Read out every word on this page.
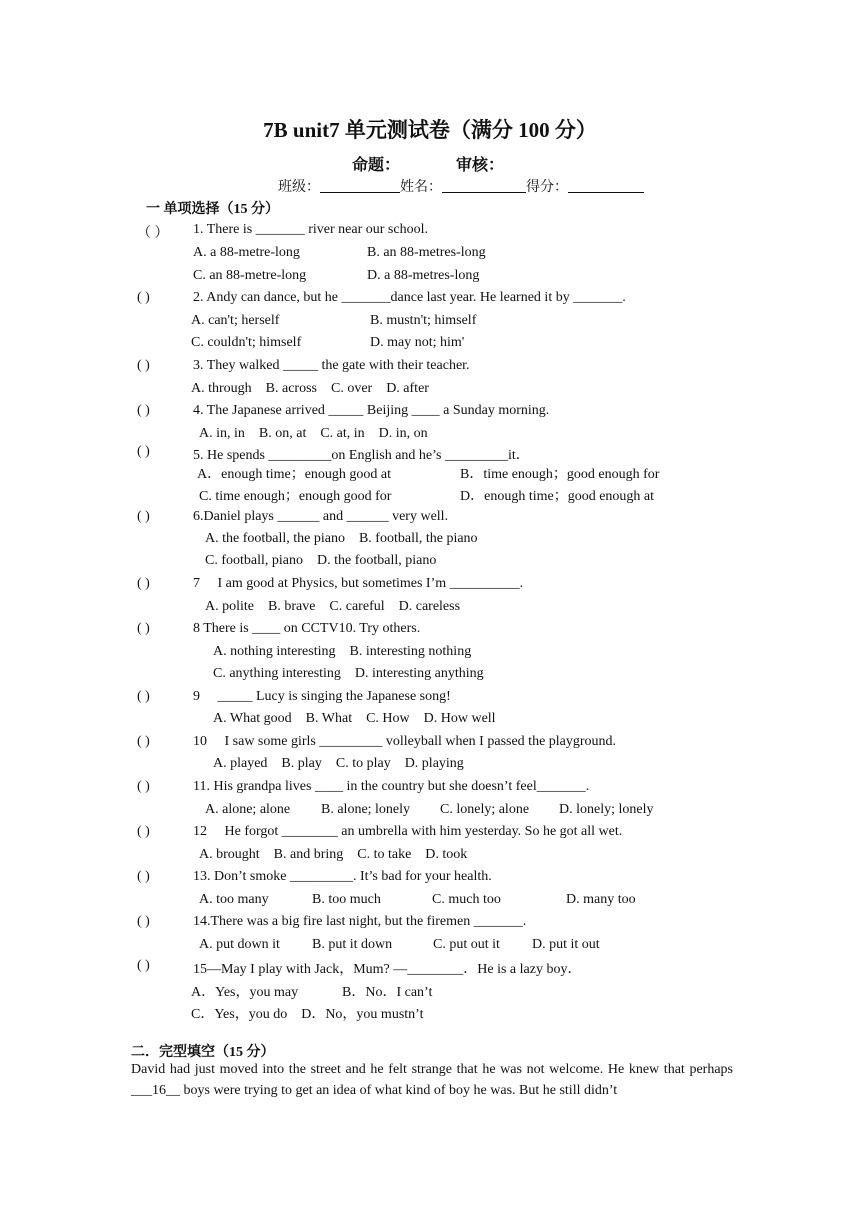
7B unit7 单元测试卷（满分 100 分）
命题：	审核：
班级：	姓名：	得分：
一 单项选择（15 分）
（ ） 1. There is _______ river near our school.
A. a 88-metre-long	B. an 88-metres-long
C. an 88-metre-long	D. a 88-metres-long
( )	2. Andy can dance, but he _______dance last year. He learned it by _______.
A. can't; herself	B. mustn't; himself
C. couldn't; himself	D. may not; him'
( )	3. They walked _____ the gate with their teacher.
A. through    B. across    C. over    D. after
( )	4. The Japanese arrived _____ Beijing ____ a Sunday morning.
A. in, in    B. on, at    C. at, in    D. in, on
( )	5. He spends _________on English and he’s _________it．
A．enough time；enough good at	B．time enough；good enough for
C. time enough；enough good for	D．enough time；good enough at
( )	6.Daniel plays ______ and ______ very well.
A. the football, the piano    B. football, the piano
C. football, piano    D. the football, piano
( )	7     I am good at Physics, but sometimes I’m __________.
A. polite    B. brave    C. careful    D. careless
( )	8 There is ____ on CCTV10. Try others.
A. nothing interesting    B. interesting nothing
C. anything interesting    D. interesting anything
( )	9     _____ Lucy is singing the Japanese song!
A. What good    B. What    C. How    D. How well
( )	10     I saw some girls _________ volleyball when I passed the playground.
A. played    B. play    C. to play    D. playing
( )	11. His grandpa lives ____ in the country but she doesn’t feel_______.
A. alone; alone B. alone; lonely C. lonely; alone D. lonely; lonely
( )	12     He forgot ________ an umbrella with him yesterday. So he got all wet.
A. brought    B. and bring    C. to take    D. took
( )	13. Don’t smoke _________. It’s bad for your health.
A. too many	B. too much	C. much too	D. many too
( )	14.There was a big fire last night, but the firemen _______.
A. put down it B. put it down	C. put out it D. put it out
( )	15—May I play with Jack，Mum? —________．He is a lazy boy．
A．Yes，you may	B．No．I can’t
C．Yes，you do    D．No，you mustn’t
二．完型填空（15 分）
David had just moved into the street and he felt strange that he was not welcome. He knew that perhaps ___16__ boys were trying to get an idea of what kind of boy he was. But he still didn’t
